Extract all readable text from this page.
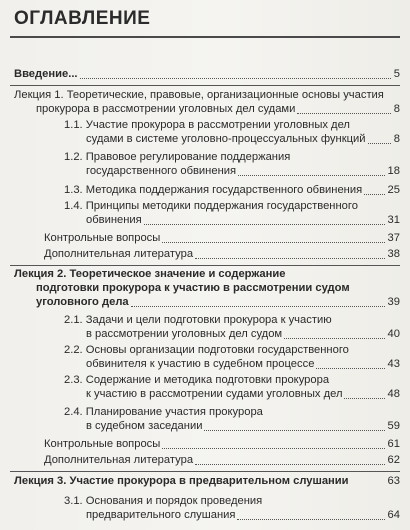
ОГЛАВЛЕНИЕ
Введение...	5
Лекция 1. Теоретические, правовые, организационные основы участия
прокурора в рассмотрении уголовных дел судами	8
1.1. Участие прокурора в рассмотрении уголовных дел
судами в системе уголовно-процессуальных функций	8
1.2. Правовое регулирование поддержания
государственного обвинения	18
1.3. Методика поддержания государственного обвинения 25
1.4. Принципы методики поддержания государственного
обвинения	31
Контрольные вопросы	37
Дополнительная литература	38
Лекция 2. Теоретическое значение и содержание
подготовки прокурора к участию в рассмотрении судом
уголовного дела	39
2.1. Задачи и цели подготовки прокурора к участию
в рассмотрении уголовных дел судом	40
2.2. Основы организации подготовки государственного
обвинителя к участию в судебном процессе	43
2.3. Содержание и методика подготовки прокурора
к участию в рассмотрении судами уголовных дел	48
2.4. Планирование участия прокурора
в судебном заседании	59
Контрольные вопросы	61
Дополнительная литература	62
Лекция 3. Участие прокурора в предварительном слушании	63
3.1. Основания и порядок проведения
предварительного слушания	64
